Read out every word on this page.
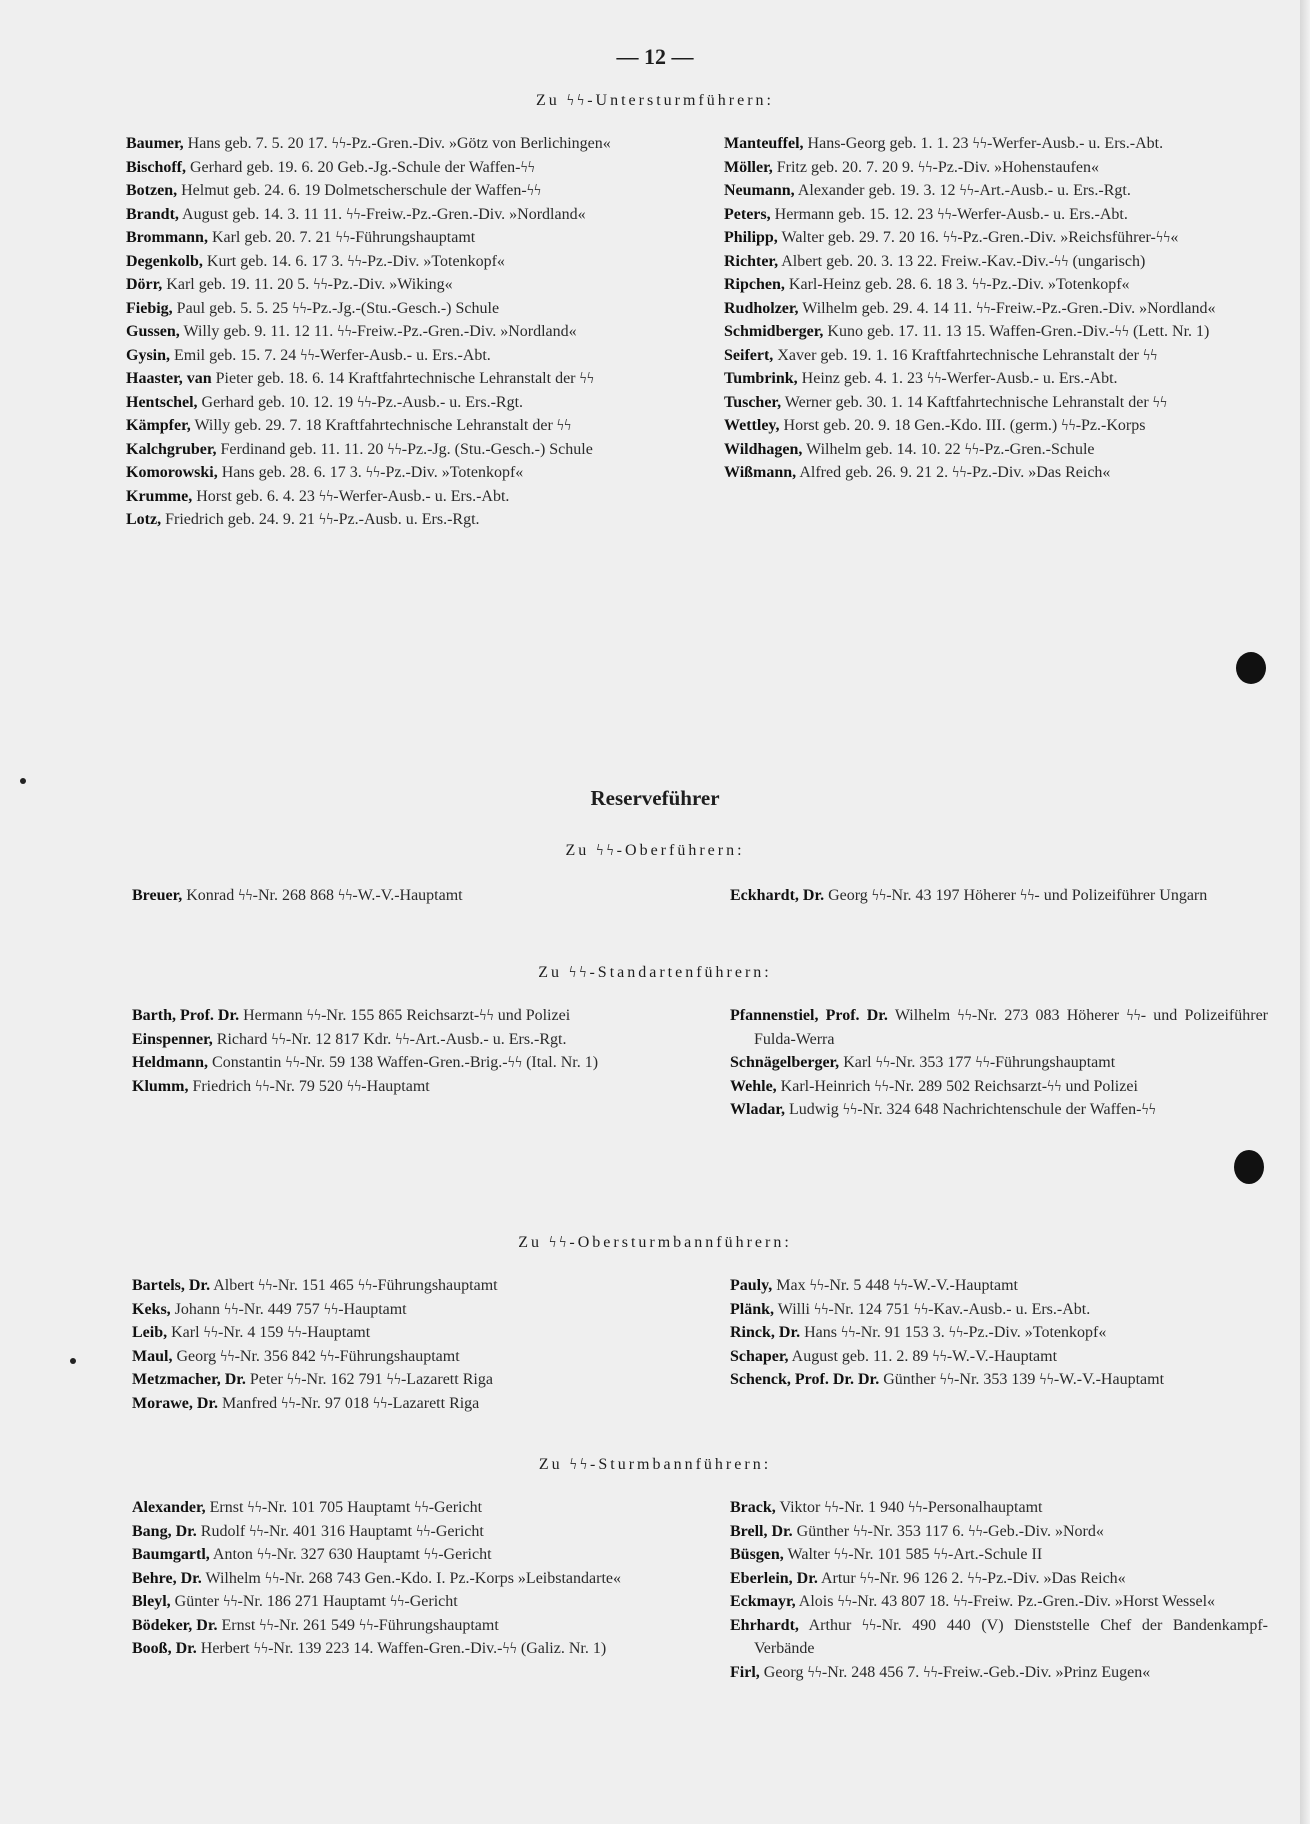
— 12 —
Zu ϟϟ-Untersturmführern:

Baumer, Hans geb. 7. 5. 20 17. ϟϟ-Pz.-Gren.-Div. »Götz von Berlichingen«

Bischoff, Gerhard geb. 19. 6. 20 Geb.-Jg.-Schule der Waffen-ϟϟ

Botzen, Helmut geb. 24. 6. 19 Dolmetscherschule der Waffen-ϟϟ

Brandt, August geb. 14. 3. 11 11. ϟϟ-Freiw.-Pz.-Gren.-Div. »Nordland«

Brommann, Karl geb. 20. 7. 21 ϟϟ-Führungshauptamt

Degenkolb, Kurt geb. 14. 6. 17 3. ϟϟ-Pz.-Div. »Totenkopf«

Dörr, Karl geb. 19. 11. 20 5. ϟϟ-Pz.-Div. »Wiking«

Fiebig, Paul geb. 5. 5. 25 ϟϟ-Pz.-Jg.-(Stu.-Gesch.-) Schule

Gussen, Willy geb. 9. 11. 12 11. ϟϟ-Freiw.-Pz.-Gren.-Div. »Nordland«

Gysin, Emil geb. 15. 7. 24 ϟϟ-Werfer-Ausb.- u. Ers.-Abt.

Haaster, van Pieter geb. 18. 6. 14 Kraftfahrtechnische Lehranstalt der ϟϟ

Hentschel, Gerhard geb. 10. 12. 19 ϟϟ-Pz.-Ausb.- u. Ers.-Rgt.

Kämpfer, Willy geb. 29. 7. 18 Kraftfahrtechnische Lehranstalt der ϟϟ

Kalchgruber, Ferdinand geb. 11. 11. 20 ϟϟ-Pz.-Jg. (Stu.-Gesch.-) Schule

Komorowski, Hans geb. 28. 6. 17 3. ϟϟ-Pz.-Div. »Totenkopf«

Krumme, Horst geb. 6. 4. 23 ϟϟ-Werfer-Ausb.- u. Ers.-Abt.

Lotz, Friedrich geb. 24. 9. 21 ϟϟ-Pz.-Ausb. u. Ers.-Rgt.

Manteuffel, Hans-Georg geb. 1. 1. 23 ϟϟ-Werfer-Ausb.- u. Ers.-Abt.

Möller, Fritz geb. 20. 7. 20 9. ϟϟ-Pz.-Div. »Hohenstaufen«

Neumann, Alexander geb. 19. 3. 12 ϟϟ-Art.-Ausb.- u. Ers.-Rgt.

Peters, Hermann geb. 15. 12. 23 ϟϟ-Werfer-Ausb.- u. Ers.-Abt.

Philipp, Walter geb. 29. 7. 20 16. ϟϟ-Pz.-Gren.-Div. »Reichsführer-ϟϟ«

Richter, Albert geb. 20. 3. 13 22. Freiw.-Kav.-Div.-ϟϟ (ungarisch)

Ripchen, Karl-Heinz geb. 28. 6. 18 3. ϟϟ-Pz.-Div. »Totenkopf«

Rudholzer, Wilhelm geb. 29. 4. 14 11. ϟϟ-Freiw.-Pz.-Gren.-Div. »Nordland«

Schmidberger, Kuno geb. 17. 11. 13 15. Waffen-Gren.-Div.-ϟϟ (Lett. Nr. 1)

Seifert, Xaver geb. 19. 1. 16 Kraftfahrtechnische Lehranstalt der ϟϟ

Tumbrink, Heinz geb. 4. 1. 23 ϟϟ-Werfer-Ausb.- u. Ers.-Abt.

Tuscher, Werner geb. 30. 1. 14 Kaftfahrtechnische Lehranstalt der ϟϟ

Wettley, Horst geb. 20. 9. 18 Gen.-Kdo. III. (germ.) ϟϟ-Pz.-Korps

Wildhagen, Wilhelm geb. 14. 10. 22 ϟϟ-Pz.-Gren.-Schule

Wißmann, Alfred geb. 26. 9. 21 2. ϟϟ-Pz.-Div. »Das Reich«

Reserveführer
Zu ϟϟ-Oberführern:

Breuer, Konrad ϟϟ-Nr. 268 868 ϟϟ-W.-V.-Hauptamt	Eckhardt, Dr. Georg ϟϟ-Nr. 43 197 Höherer ϟϟ- und Polizeiführer Ungarn

Zu ϟϟ-Standartenführern:

Barth, Prof. Dr. Hermann ϟϟ-Nr. 155 865 Reichsarzt-ϟϟ und Polizei

Einspenner, Richard ϟϟ-Nr. 12 817 Kdr. ϟϟ-Art.-Ausb.- u. Ers.-Rgt.

Heldmann, Constantin ϟϟ-Nr. 59 138 Waffen-Gren.-Brig.-ϟϟ (Ital. Nr. 1)

Klumm, Friedrich ϟϟ-Nr. 79 520 ϟϟ-Hauptamt

Pfannenstiel, Prof. Dr. Wilhelm ϟϟ-Nr. 273 083 Höherer ϟϟ- und Polizeiführer Fulda-Werra

Schnägelberger, Karl ϟϟ-Nr. 353 177 ϟϟ-Führungshauptamt

Wehle, Karl-Heinrich ϟϟ-Nr. 289 502 Reichsarzt-ϟϟ und Polizei

Wladar, Ludwig ϟϟ-Nr. 324 648 Nachrichtenschule der Waffen-ϟϟ

Zu ϟϟ-Obersturmbannführern:

Bartels, Dr. Albert ϟϟ-Nr. 151 465 ϟϟ-Führungshauptamt

Keks, Johann ϟϟ-Nr. 449 757 ϟϟ-Hauptamt

Leib, Karl ϟϟ-Nr. 4 159 ϟϟ-Hauptamt

Maul, Georg ϟϟ-Nr. 356 842 ϟϟ-Führungshauptamt

Metzmacher, Dr. Peter ϟϟ-Nr. 162 791 ϟϟ-Lazarett Riga

Morawe, Dr. Manfred ϟϟ-Nr. 97 018 ϟϟ-Lazarett Riga

Pauly, Max ϟϟ-Nr. 5 448 ϟϟ-W.-V.-Hauptamt

Plänk, Willi ϟϟ-Nr. 124 751 ϟϟ-Kav.-Ausb.- u. Ers.-Abt.

Rinck, Dr. Hans ϟϟ-Nr. 91 153 3. ϟϟ-Pz.-Div. »Totenkopf«

Schaper, August geb. 11. 2. 89 ϟϟ-W.-V.-Hauptamt

Schenck, Prof. Dr. Dr. Günther ϟϟ-Nr. 353 139 ϟϟ-W.-V.-Hauptamt

Zu ϟϟ-Sturmbannführern:

Alexander, Ernst ϟϟ-Nr. 101 705 Hauptamt ϟϟ-Gericht

Bang, Dr. Rudolf ϟϟ-Nr. 401 316 Hauptamt ϟϟ-Gericht

Baumgartl, Anton ϟϟ-Nr. 327 630 Hauptamt ϟϟ-Gericht

Behre, Dr. Wilhelm ϟϟ-Nr. 268 743 Gen.-Kdo. I. Pz.-Korps »Leibstandarte«

Bleyl, Günter ϟϟ-Nr. 186 271 Hauptamt ϟϟ-Gericht

Bödeker, Dr. Ernst ϟϟ-Nr. 261 549 ϟϟ-Führungshauptamt

Booß, Dr. Herbert ϟϟ-Nr. 139 223 14. Waffen-Gren.-Div.-ϟϟ (Galiz. Nr. 1)

Brack, Viktor ϟϟ-Nr. 1 940 ϟϟ-Personalhauptamt

Brell, Dr. Günther ϟϟ-Nr. 353 117 6. ϟϟ-Geb.-Div. »Nord«

Büsgen, Walter ϟϟ-Nr. 101 585 ϟϟ-Art.-Schule II

Eberlein, Dr. Artur ϟϟ-Nr. 96 126 2. ϟϟ-Pz.-Div. »Das Reich«

Eckmayr, Alois ϟϟ-Nr. 43 807 18. ϟϟ-Freiw. Pz.-Gren.-Div. »Horst Wessel«

Ehrhardt, Arthur ϟϟ-Nr. 490 440 (V) Dienststelle Chef der Bandenkampf-Verbände

Firl, Georg ϟϟ-Nr. 248 456 7. ϟϟ-Freiw.-Geb.-Div. »Prinz Eugen«
